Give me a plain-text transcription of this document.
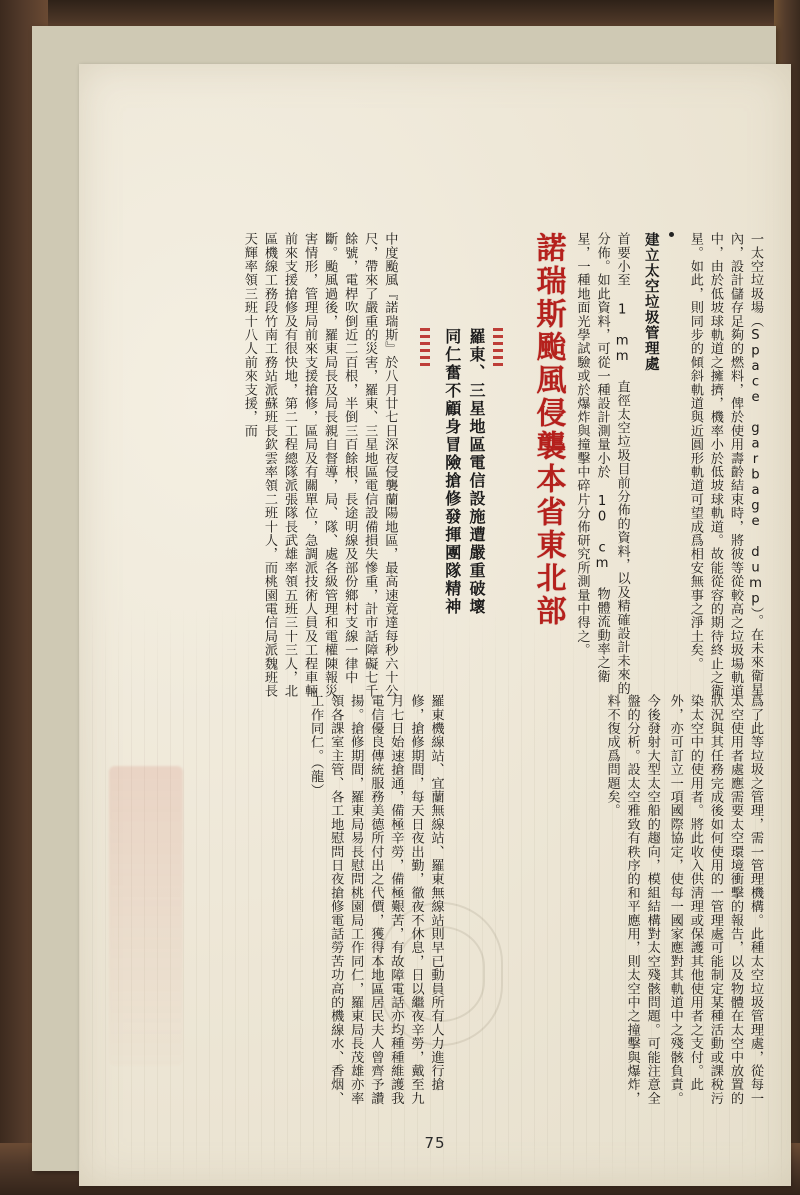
一太空垃圾場（Space garbage dump）。在未來衛星內，設計儲存足夠的燃料，俾於使用壽齡結束時，將彼等從較高之垃圾場軌道中，由於低坡球軌道之擁擠，機率小於低坡球軌道。故能從容的期待終止之衛星。如此，則同步的傾斜軌道與近圓形軌道可望成爲相安無事之淨土矣。
建立太空垃圾管理處
首要小至 1 mm 直徑太空垃圾目前分佈的資料，以及精確設計未來的分佈。如此資料，可從一種設計測量小於 10 cm 物體流動率之衛星，一種地面光學試驗或於爆炸與撞擊中碎片分佈研究所測量中得之。
諾瑞斯颱風侵襲本省東北部

羅東、三星地區電信設施遭嚴重破壞
同仁奮不顧身冒險搶修發揮團隊精神
中度颱風『諾瑞斯』於八月廿七日深夜侵襲蘭陽地區，最高速竟達每秒六十公尺，帶來了嚴重的災害，羅東、三星地區電信設備損失慘重，計市話障礙七千餘號，電桿吹倒近二百根，半倒三百餘根，長途明線及部份鄉村支線一律中斷。颱風過後，羅東局長及局長親自督導，局、隊、處各級管理和電權陳報災害情形，管理局前來支援搶修，區局及有關單位，急調派技術人員及工程車輛前來支援搶修及有很快地，第二工程總隊派張隊長武雄率領五班三十三人，北區機線工務段竹南工務站派蘇班長欽雲率領二班十人，而桃園電信局派魏班長天輝率領三班十八人前來支援，而
爲了此等垃圾之管理，需一管理機構。此種太空垃圾管理處，從每一太空使用者處應需要太空環境衝擊的報告，以及物體在太空中放置的狀況與其任務完成後如何使用的一管理處可能制定某種活動或課稅污染太空中的使用者。將此收入供淸理或保護其他使用者之支付。此外，亦可訂立一項國際協定，使每一國家應對其軌道中之殘骸負責。 今後發射大型太空船的趨向，模組結構對太空殘骸問題。可能注意全盤的分析。設太空雅致有秩序的和平應用，則太空中之撞擊與爆炸，料不復成爲問題矣。  羅東機線站、宜蘭無線站、羅東無線站則早已動員所有人力進行搶修，搶修期間，每天日夜出勤，徹夜不休息，日以繼夜辛勞，戴至九月七日始速搶通，備極辛勞，備極艱苦，有故障電話亦均種種維護我電信優良傳統服務美德所付出之代價，獲得本地區居民夫人曾齊予讚揚。搶修期間，羅東局易長慰問桃園局工作同仁，羅東局長茂雄亦率領各課室主管、各工地慰問日夜搶修電話勞苦功高的機線水、香烟、工作同仁。（龍）
75
